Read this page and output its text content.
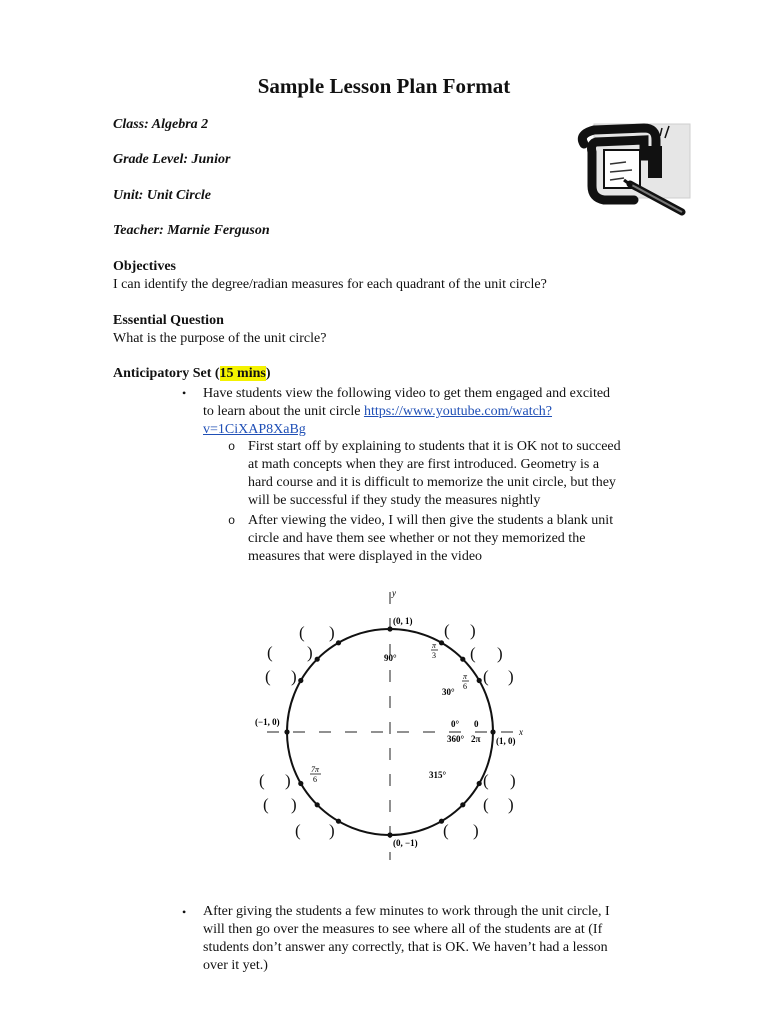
Sample Lesson Plan Format

Class: Algebra 2

Grade Level: Junior

Unit: Unit Circle

Teacher: Marnie Ferguson

Objectives

I can identify the degree/radian measures for each quadrant of the unit circle?

Essential Question

What is the purpose of the unit circle?

Anticipatory Set (15 mins)

• Have students view the following video to get them engaged and excited
to learn about the unit circle https://www.youtube.com/watch?
v=1CiXAP8XaBg
o First start off by explaining to students that it is OK not to succeed
at math concepts when they are first introduced. Geometry is a
hard course and it is difficult to memorize the unit circle, but they
will be successful if they study the measures nightly
o After viewing the video, I will then give the students a blank unit
circle and have them see whether or not they memorized the
measures that were displayed in the video
y
x
(0, 1)
(−1, 0)
(1, 0)
(0, −1)
90°
30°
0° 0
360° 2π
315°
π
3
π
6
7π
6
( )	( )
( )	( )
( )	( )
( )	( )
( )	( )
( )	( )
• After giving the students a few minutes to work through the unit circle, I
will then go over the measures to see where all of the students are at (If
students don’t answer any correctly, that is OK. We haven’t had a lesson
over it yet.)
